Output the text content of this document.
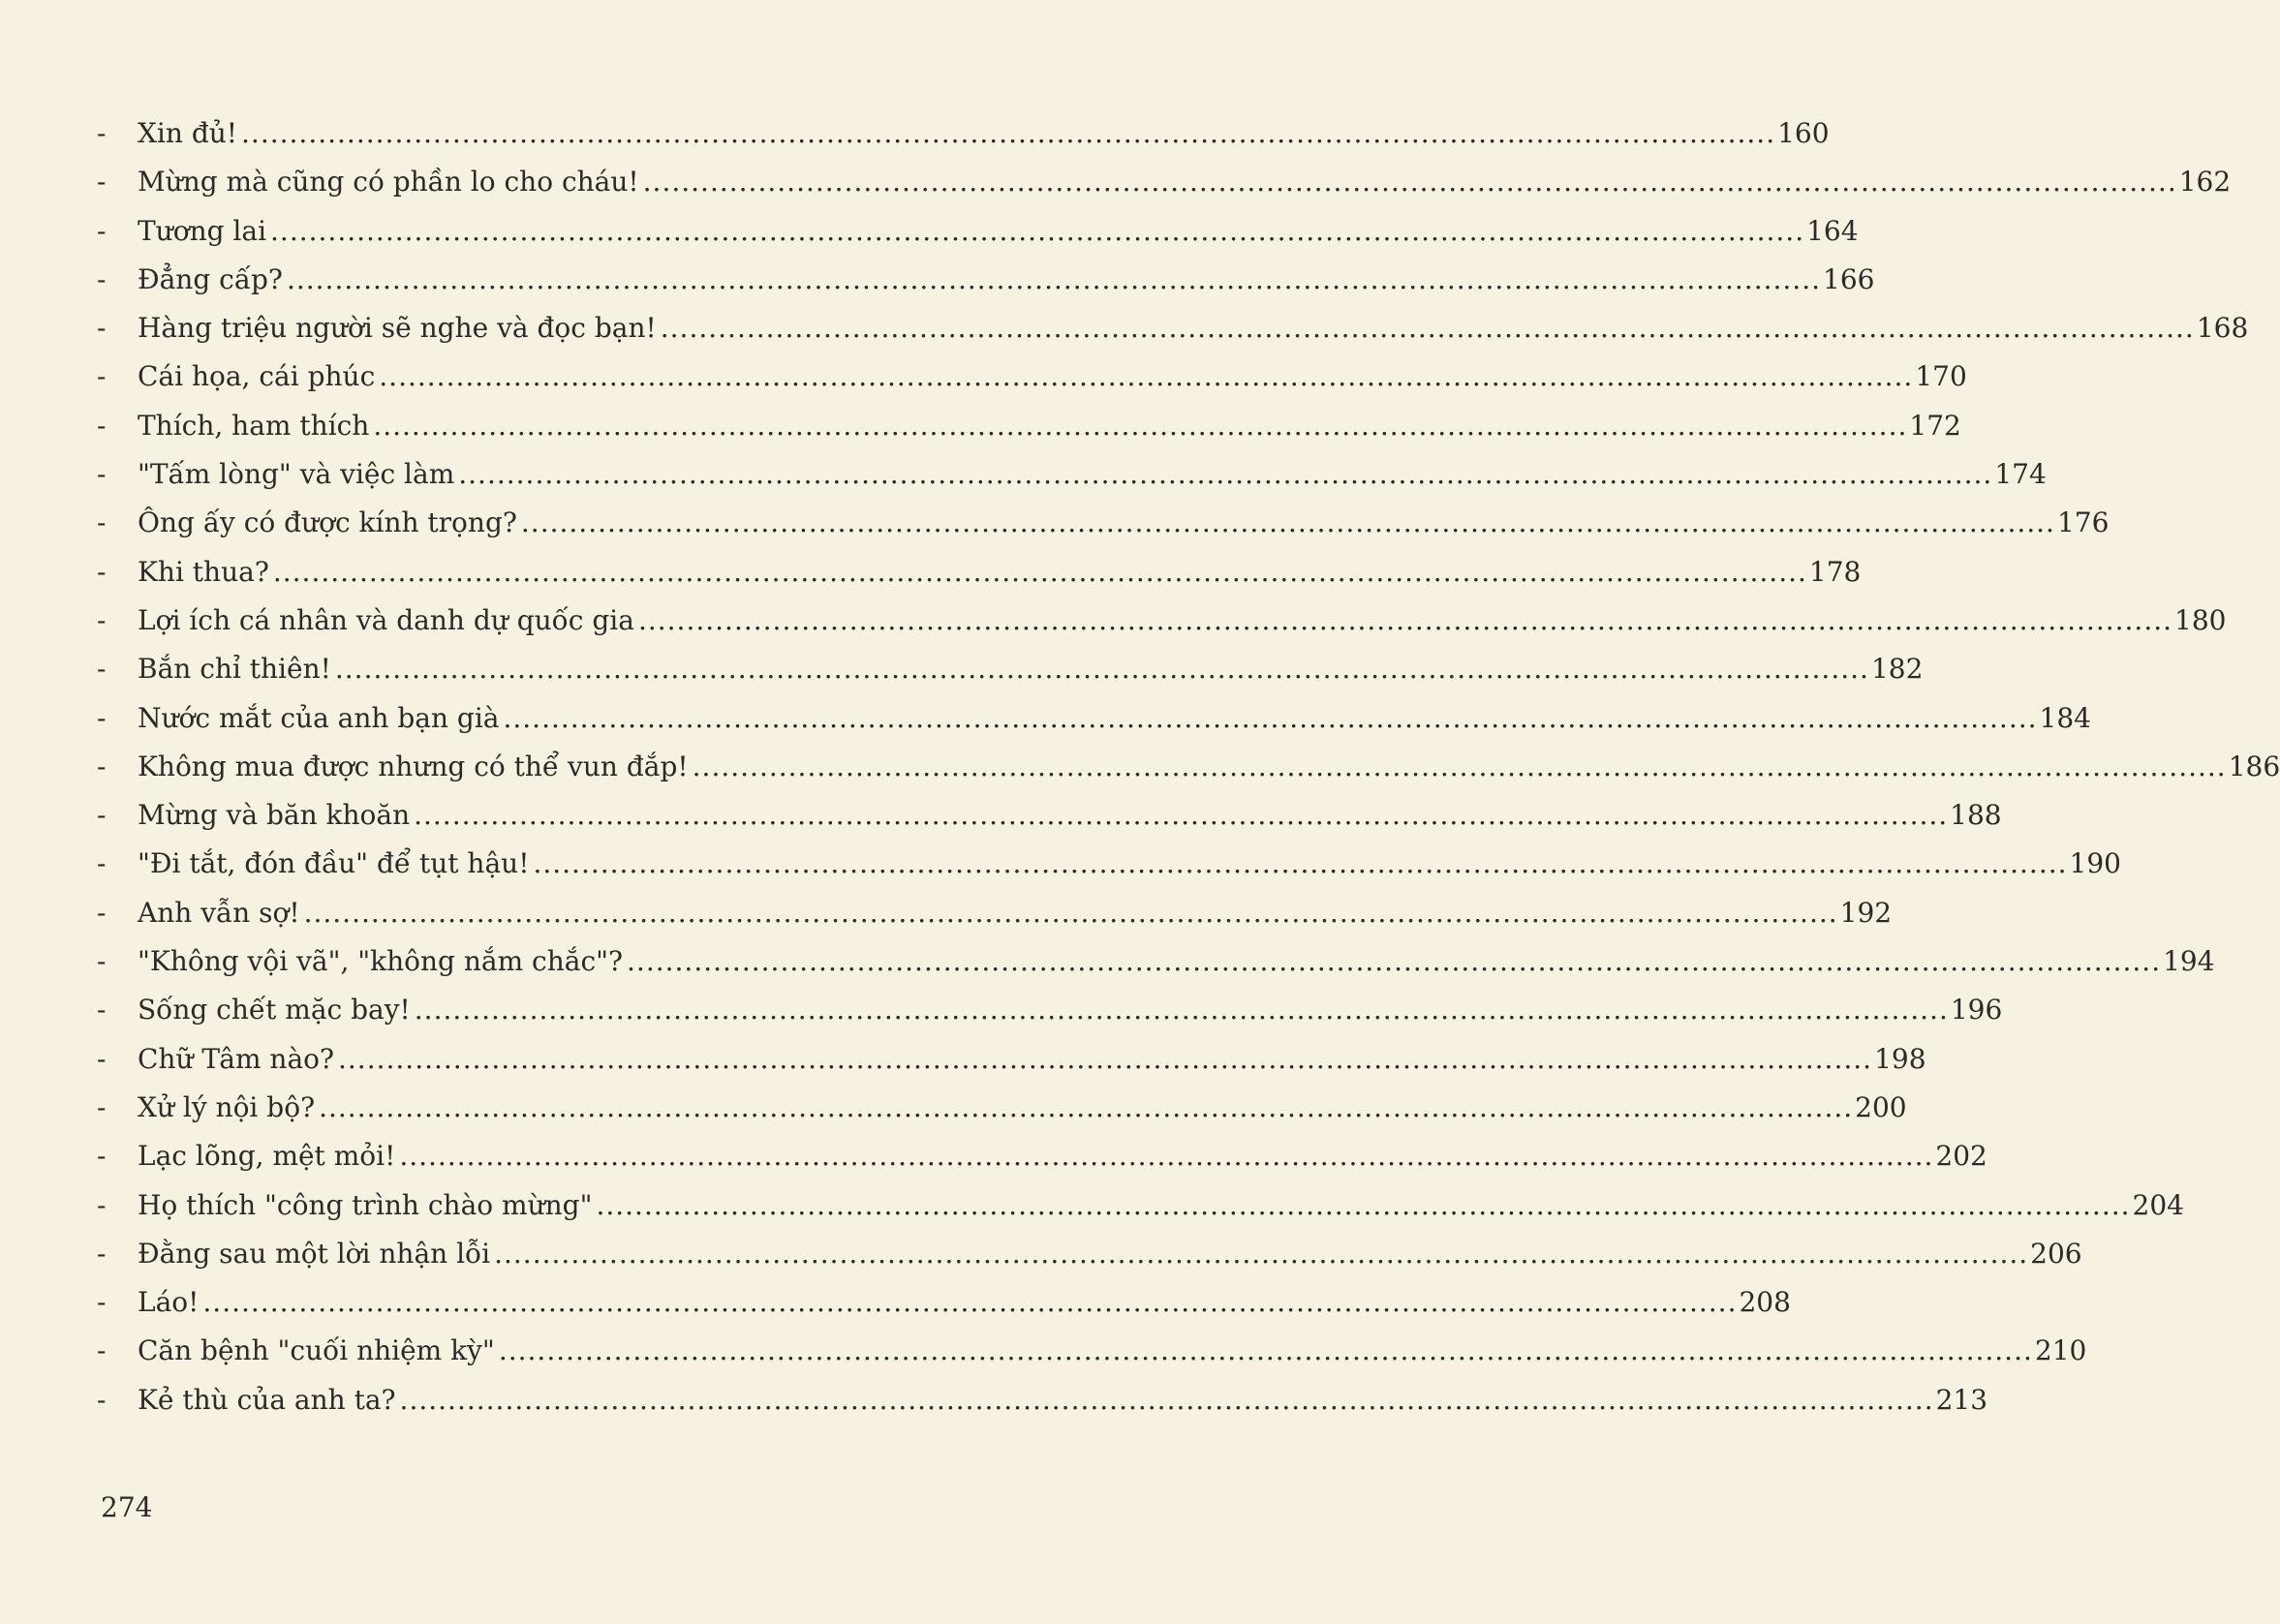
-	Xin đủ! ................................................................................................................................................................ 160
-	Mừng mà cũng có phần lo cho cháu! ................................................................................................................................................................ 162
-	Tương lai ................................................................................................................................................................ 164
-	Đẳng cấp? ................................................................................................................................................................ 166
-	Hàng triệu người sẽ nghe và đọc bạn! ................................................................................................................................................................ 168
-	Cái họa, cái phúc ................................................................................................................................................................ 170
-	Thích, ham thích ................................................................................................................................................................ 172
-	"Tấm lòng" và việc làm ................................................................................................................................................................ 174
-	Ông ấy có được kính trọng? ................................................................................................................................................................ 176
-	Khi thua? ................................................................................................................................................................ 178
-	Lợi ích cá nhân và danh dự quốc gia ................................................................................................................................................................ 180
-	Bắn chỉ thiên! ................................................................................................................................................................ 182
-	Nước mắt của anh bạn già ................................................................................................................................................................ 184
-	Không mua được nhưng có thể vun đắp! ................................................................................................................................................................ 186
-	Mừng và băn khoăn ................................................................................................................................................................ 188
-	"Đi tắt, đón đầu" để tụt hậu! ................................................................................................................................................................ 190
-	Anh vẫn sợ! ................................................................................................................................................................ 192
-	"Không vội vã", "không nắm chắc"? ................................................................................................................................................................ 194
-	Sống chết mặc bay! ................................................................................................................................................................ 196
-	Chữ Tâm nào? ................................................................................................................................................................ 198
-	Xử lý nội bộ? ................................................................................................................................................................ 200
-	Lạc lõng, mệt mỏi! ................................................................................................................................................................ 202
-	Họ thích "công trình chào mừng" ................................................................................................................................................................ 204
-	Đằng sau một lời nhận lỗi ................................................................................................................................................................ 206
-	Láo! ................................................................................................................................................................ 208
-	Căn bệnh "cuối nhiệm kỳ" ................................................................................................................................................................ 210
-	Kẻ thù của anh ta? ................................................................................................................................................................ 213
274
